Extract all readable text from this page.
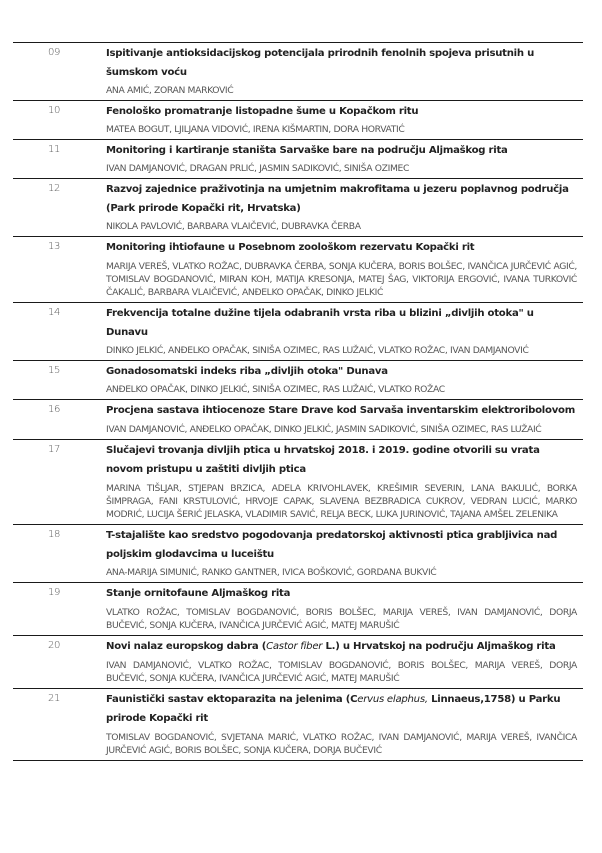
09	Ispitivanje antioksidacijskog potencijala prirodnih fenolnih spojeva prisutnih u šumskom voću
ANA AMIĆ, ZORAN MARKOVIĆ
10	Fenološko promatranje listopadne šume u Kopačkom ritu
MATEA BOGUT, LJILJANA VIDOVIĆ, IRENA KIŠMARTIN, DORA HORVATIĆ
11	Monitoring i kartiranje staništa Sarvaške bare na području Aljmaškog rita
IVAN DAMJANOVIĆ, DRAGAN PRLIĆ, JASMIN SADIKOVIĆ, SINIŠA OZIMEC
12	Razvoj zajednice praživotinja na umjetnim makrofitama u jezeru poplavnog područja (Park prirode Kopački rit, Hrvatska)
NIKOLA PAVLOVIĆ, BARBARA VLAIČEVIĆ, DUBRAVKA ČERBA
13	Monitoring ihtiofaune u Posebnom zoološkom rezervatu Kopački rit
MARIJA VEREŠ, VLATKO ROŽAC, DUBRAVKA ČERBA, SONJA KUČERA, BORIS BOLŠEC, IVANČICA JURČEVIĆ AGIĆ, TOMISLAV BOGDANOVIĆ, MIRAN KOH, MATIJA KRESONJA, MATEJ ŠAG, VIKTORIJA ERGOVIĆ, IVANA TURKOVIĆ ČAKALIĆ, BARBARA VLAIČEVIĆ, ANĐELKO OPAČAK, DINKO JELKIĆ
14	Frekvencija totalne dužine tijela odabranih vrsta riba u blizini „divljih otoka" u Dunavu
DINKO JELKIĆ, ANĐELKO OPAČAK, SINIŠA OZIMEC, RAS LUŽAIĆ, VLATKO ROŽAC, IVAN DAMJANOVIĆ
15	Gonadosomatski indeks riba „divljih otoka" Dunava
ANĐELKO OPAČAK, DINKO JELKIĆ, SINIŠA OZIMEC, RAS LUŽAIĆ, VLATKO ROŽAC
16	Procjena sastava ihtiocenoze Stare Drave kod Sarvaša inventarskim elektroribolovom
IVAN DAMJANOVIĆ, ANĐELKO OPAČAK, DINKO JELKIĆ, JASMIN SADIKOVIĆ, SINIŠA OZIMEC, RAS LUŽAIĆ
17	Slučajevi trovanja divljih ptica u hrvatskoj 2018. i 2019. godine otvorili su vrata novom pristupu u zaštiti divljih ptica
MARINA TIŠLJAR, STJEPAN BRZICA, ADELA KRIVOHLAVEK, KREŠIMIR SEVERIN, LANA BAKULIĆ, BORKA ŠIMPRAGA, FANI KRSTULOVIĆ, HRVOJE CAPAK, SLAVENA BEZBRADICA CUKROV, VEDRAN LUCIĆ, MARKO MODRIĆ, LUCIJA ŠERIĆ JELASKA, VLADIMIR SAVIĆ, RELJA BECK, LUKA JURINOVIĆ, TAJANA AMŠEL ZELENIKA
18	T-stajalište kao sredstvo pogodovanja predatorskoj aktivnosti ptica grabljivica nad poljskim glodavcima u luceištu
ANA-MARIJA SIMUNIĆ, RANKO GANTNER, IVICA BOŠKOVIĆ, GORDANA BUKVIĆ
19	Stanje ornitofaune Aljmaškog rita
VLATKO ROŽAC, TOMISLAV BOGDANOVIĆ, BORIS BOLŠEC, MARIJA VEREŠ, IVAN DAMJANOVIĆ, DORJA BUČEVIĆ, SONJA KUČERA, IVANČICA JURČEVIĆ AGIĆ, MATEJ MARUŠIĆ
20	Novi nalaz europskog dabra (Castor fiber L.) u Hrvatskoj na području Aljmaškog rita
IVAN DAMJANOVIĆ, VLATKO ROŽAC, TOMISLAV BOGDANOVIĆ, BORIS BOLŠEC, MARIJA VEREŠ, DORJA BUČEVIĆ, SONJA KUČERA, IVANČICA JURČEVIĆ AGIĆ, MATEJ MARUŠIĆ
21	Faunistički sastav ektoparazita na jelenima (Cervus elaphus, Linnaeus,1758) u Parku prirode Kopački rit
TOMISLAV BOGDANOVIĆ, SVJETANA MARIĆ, VLATKO ROŽAC, IVAN DAMJANOVIĆ, MARIJA VEREŠ, IVANČICA JURČEVIĆ AGIĆ, BORIS BOLŠEC, SONJA KUČERA, DORJA BUČEVIĆ
